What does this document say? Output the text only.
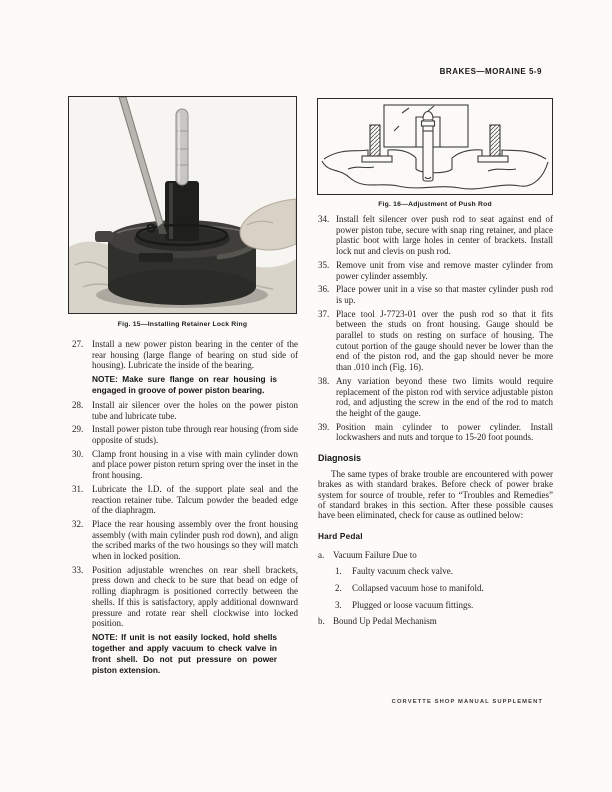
BRAKES—MORAINE 5-9
Fig. 15—Installing Retainer Lock Ring
Fig. 16—Adjustment of Push Rod
27. Install a new power piston bearing in the center of the rear housing (large flange of bearing on stud side of housing). Lubricate the inside of the bearing.
NOTE: Make sure flange on rear housing is engaged in groove of power piston bearing.
28. Install air silencer over the holes on the power piston tube and lubricate tube.
29. Install power piston tube through rear housing (from side opposite of studs).
30. Clamp front housing in a vise with main cylinder down and place power piston return spring over the inset in the front housing.
31. Lubricate the I.D. of the support plate seal and the reaction retainer tube. Talcum powder the beaded edge of the diaphragm.
32. Place the rear housing assembly over the front housing assembly (with main cylinder push rod down), and align the scribed marks of the two housings so they will match when in locked position.
33. Position adjustable wrenches on rear shell brackets, press down and check to be sure that bead on edge of rolling diaphragm is positioned correctly between the shells. If this is satisfactory, apply additional downward pressure and rotate rear shell clockwise into locked position.
NOTE: If unit is not easily locked, hold shells together and apply vacuum to check valve in front shell. Do not put pressure on power piston extension.
34. Install felt silencer over push rod to seat against end of power piston tube, secure with snap ring retainer, and place plastic boot with large holes in center of brackets. Install lock nut and clevis on push rod.
35. Remove unit from vise and remove master cylinder from power cylinder assembly.
36. Place power unit in a vise so that master cylinder push rod is up.
37. Place tool J-7723-01 over the push rod so that it fits between the studs on front housing. Gauge should be parallel to studs on resting on surface of housing. The cutout portion of the gauge should never be lower than the end of the piston rod, and the gap should never be more than .010 inch (Fig. 16).
38. Any variation beyond these two limits would require replacement of the piston rod with service adjustable piston rod, and adjusting the screw in the end of the rod to match the height of the gauge.
39. Position main cylinder to power cylinder. Install lockwashers and nuts and torque to 15-20 foot pounds.
Diagnosis

The same types of brake trouble are encountered with power brakes as with standard brakes. Before check of power brake system for source of trouble, refer to “Troubles and Remedies” of standard brakes in this section. After these possible causes have been eliminated, check for cause as outlined below:

Hard Pedal
a. Vacuum Failure Due to
1. Faulty vacuum check valve.
2. Collapsed vacuum hose to manifold.
3. Plugged or loose vacuum fittings.
b. Bound Up Pedal Mechanism
CORVETTE SHOP MANUAL SUPPLEMENT
